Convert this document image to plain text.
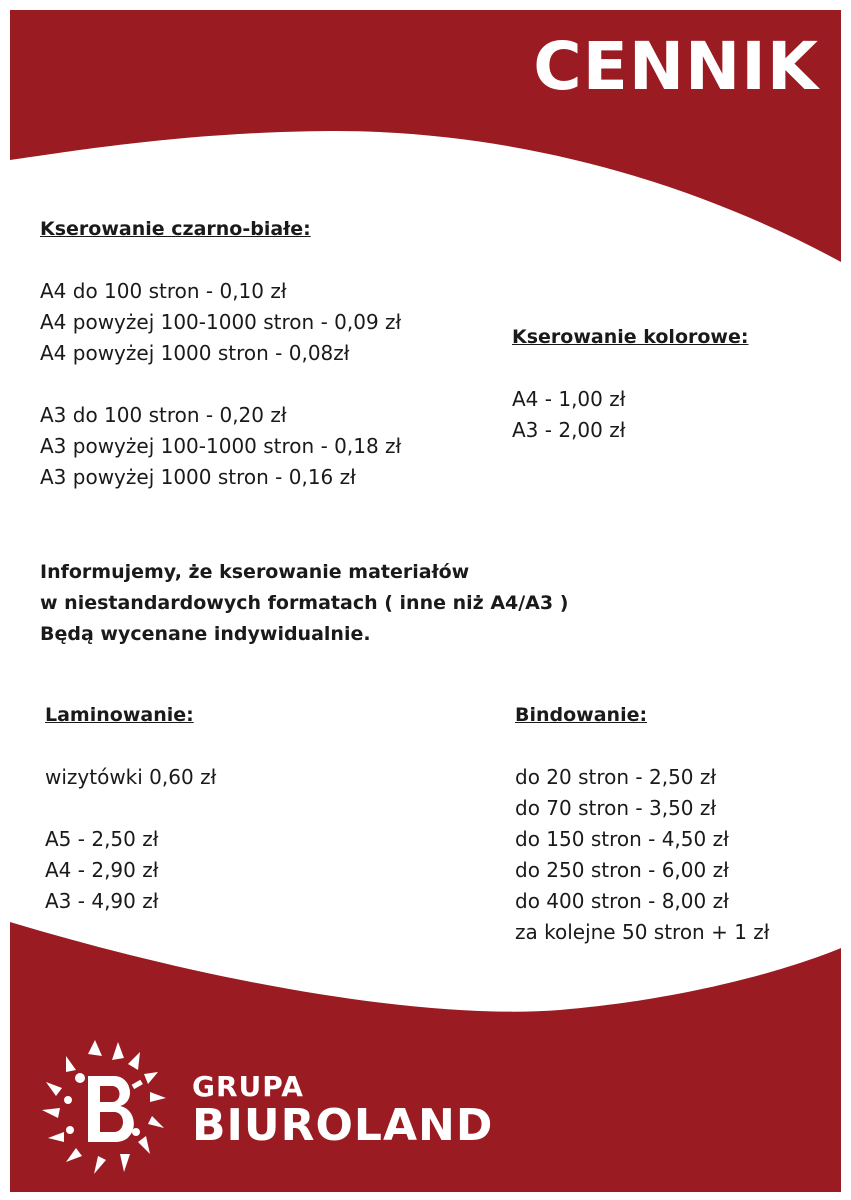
CENNIK
Kserowanie czarno-białe:
A4 do 100 stron - 0,10 zł
A4 powyżej 100-1000 stron - 0,09 zł
A4 powyżej 1000 stron - 0,08zł
A3 do 100 stron - 0,20 zł
A3 powyżej 100-1000 stron - 0,18 zł
A3 powyżej 1000 stron - 0,16 zł
Kserowanie kolorowe:
A4 - 1,00 zł
A3 - 2,00 zł
Informujemy, że kserowanie materiałów
w niestandardowych formatach ( inne niż A4/A3 )
Będą wycenane indywidualnie.
Laminowanie:
wizytówki 0,60 zł
A5 - 2,50 zł
A4 - 2,90 zł
A3 - 4,90 zł
Bindowanie:
do 20 stron - 2,50 zł
do 70 stron - 3,50 zł
do 150 stron - 4,50 zł
do 250 stron - 6,00 zł
do 400 stron - 8,00 zł
za kolejne 50 stron + 1 zł
GRUPA
BIUROLAND
